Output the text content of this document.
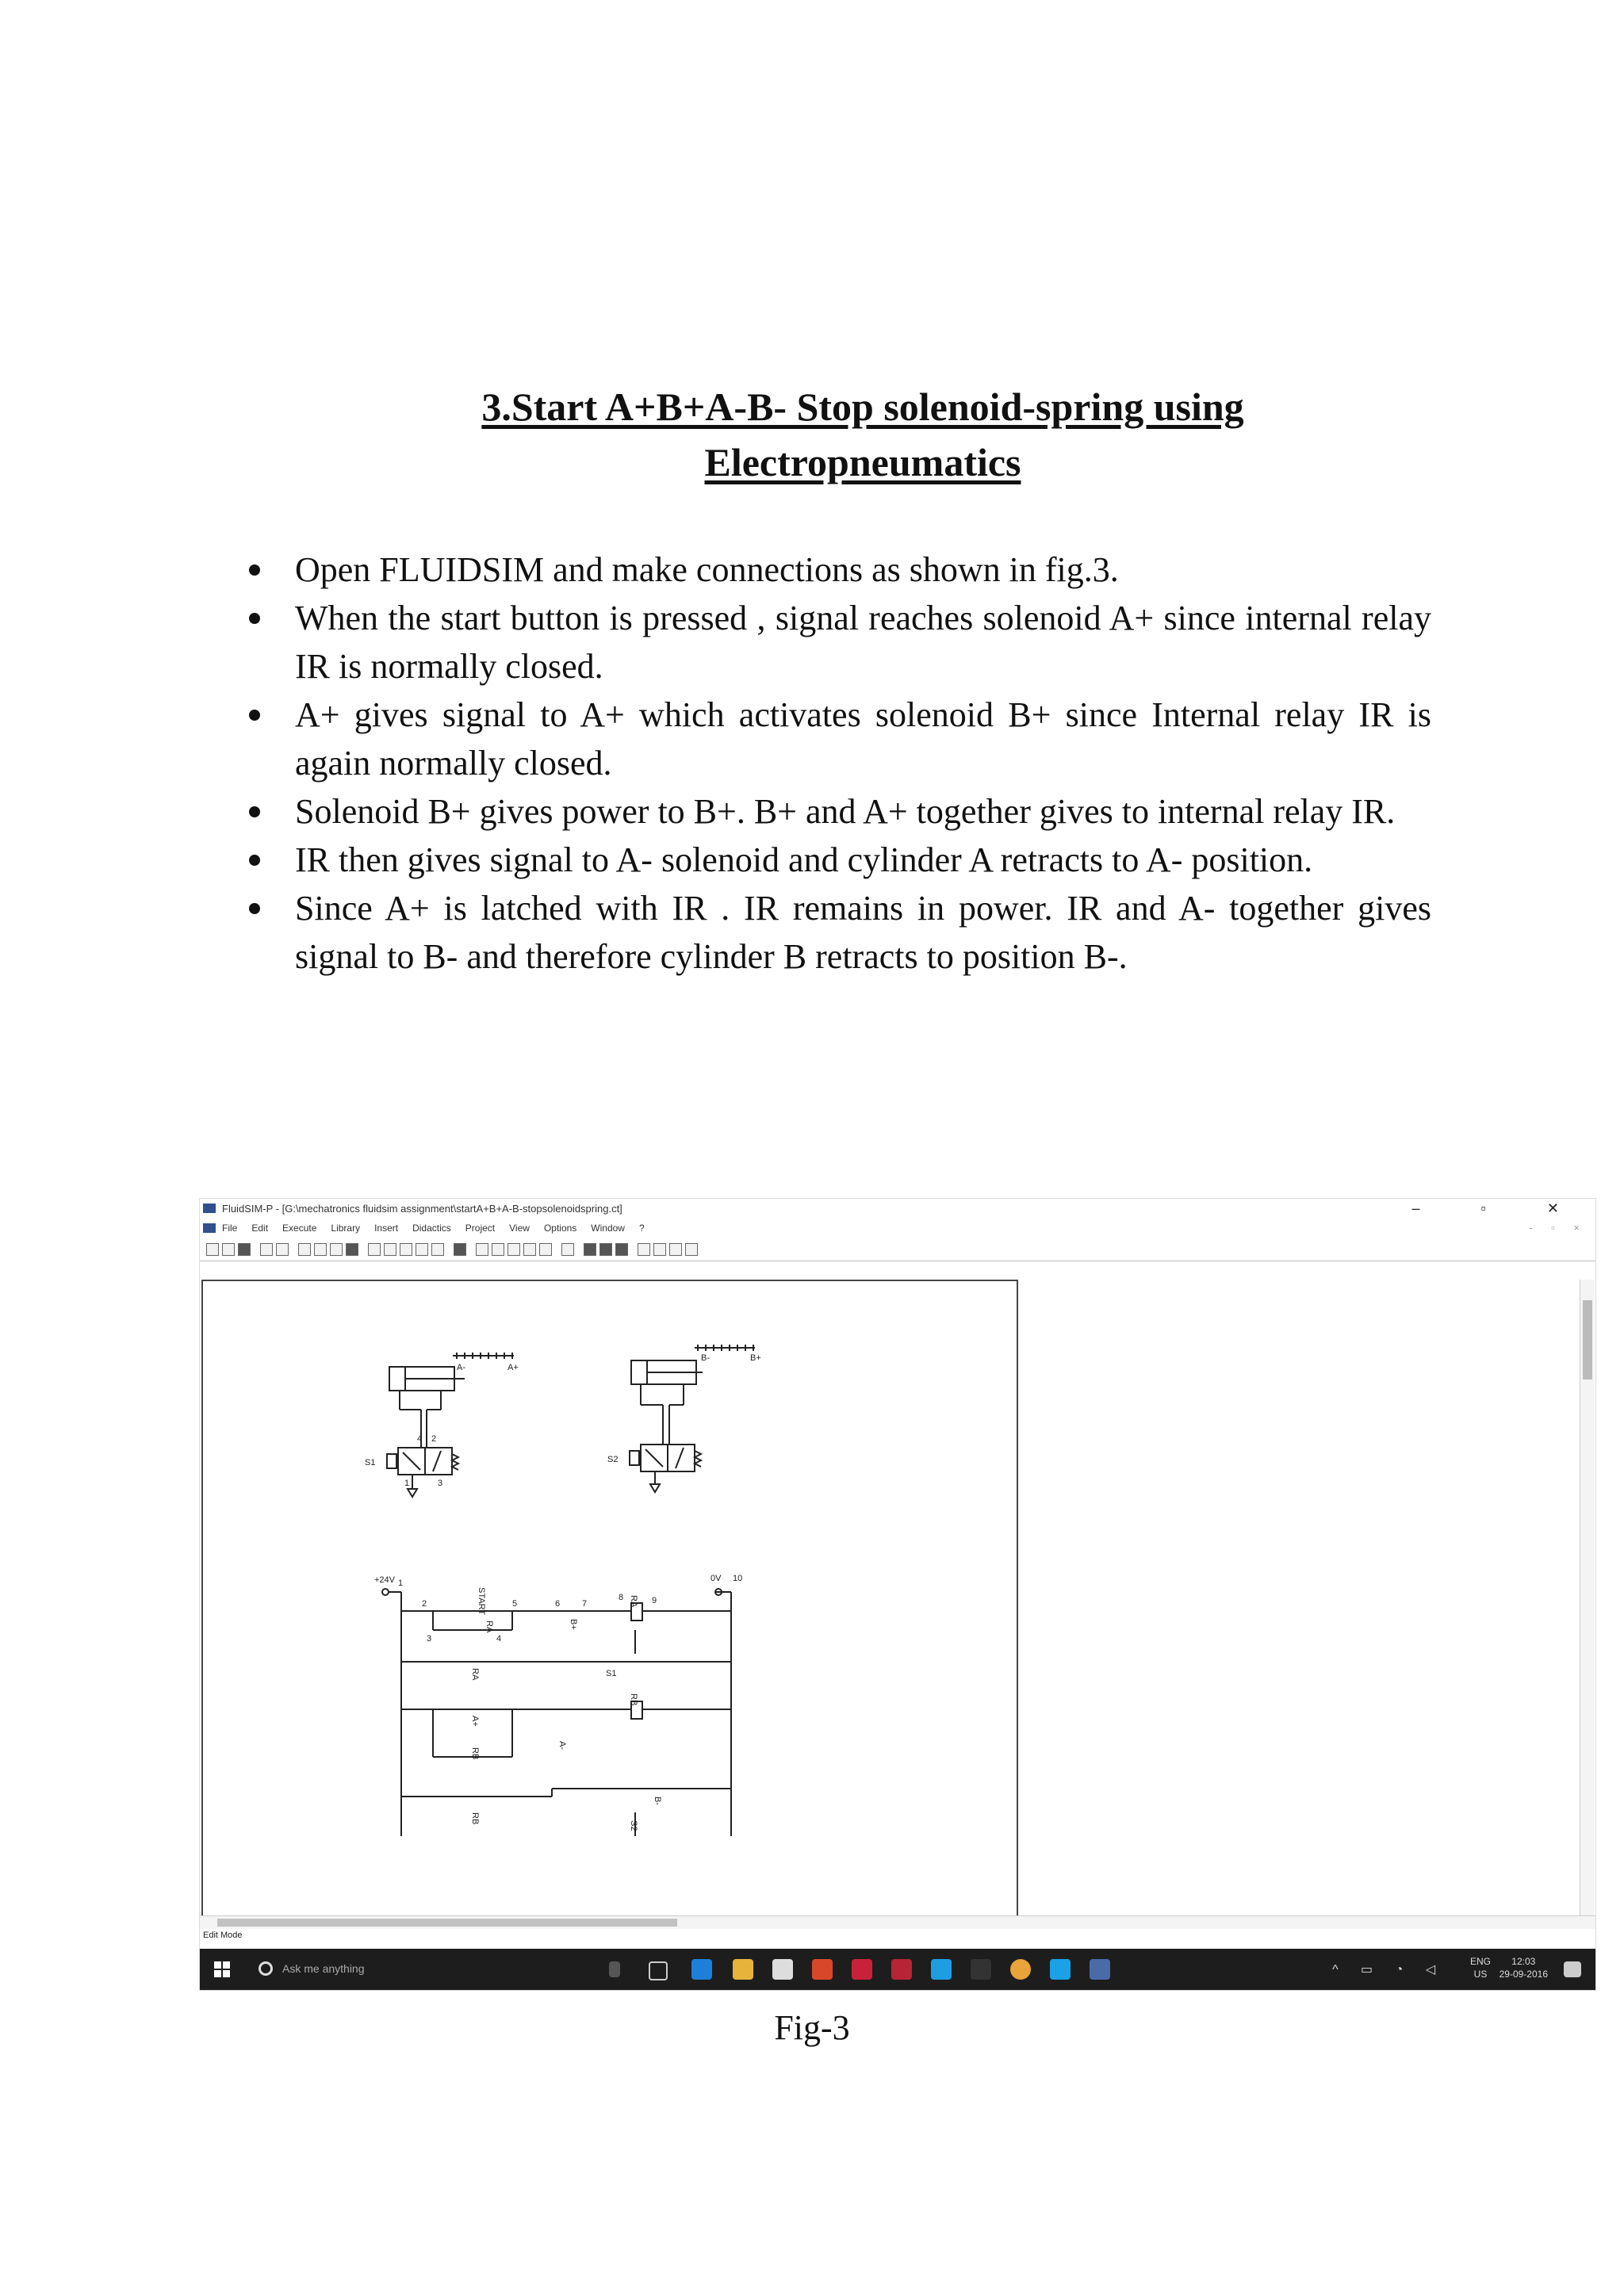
3.Start A+B+A-B- Stop solenoid-spring using
Electropneumatics
Open FLUIDSIM and make connections as shown in fig.3.
When the start button is pressed , signal reaches solenoid A+ since internal relay IR is normally closed.
A+ gives signal to A+ which activates solenoid B+ since Internal relay IR is again normally closed.
Solenoid B+ gives power to B+. B+ and A+ together gives to internal relay IR.
IR then gives signal to A- solenoid and cylinder A retracts to A- position.
Since A+ is latched with IR . IR remains in power. IR and A- together gives signal to B- and therefore cylinder B retracts to position B-.
FluidSIM-P - [G:\mechatronics fluidsim assignment\startA+B+A-B-stopsolenoidspring.ct]	– ▫ ✕
File Edit Execute Library Insert Didactics Project View Options Window ?	- ▫ ×
A-	A+
4 2
S1
1	3
B-	B+
S2
+24V	0V
START
RA
RA
RA
RB
RB
RB
A+
B+
A-
B-
S1
S2
2
3	4
5	6	7
8	9
10
1
Edit Mode
Ask me anything	^ ▭ ◔ ◁
ENG
US
12:03
29-09-2016
Fig-3
